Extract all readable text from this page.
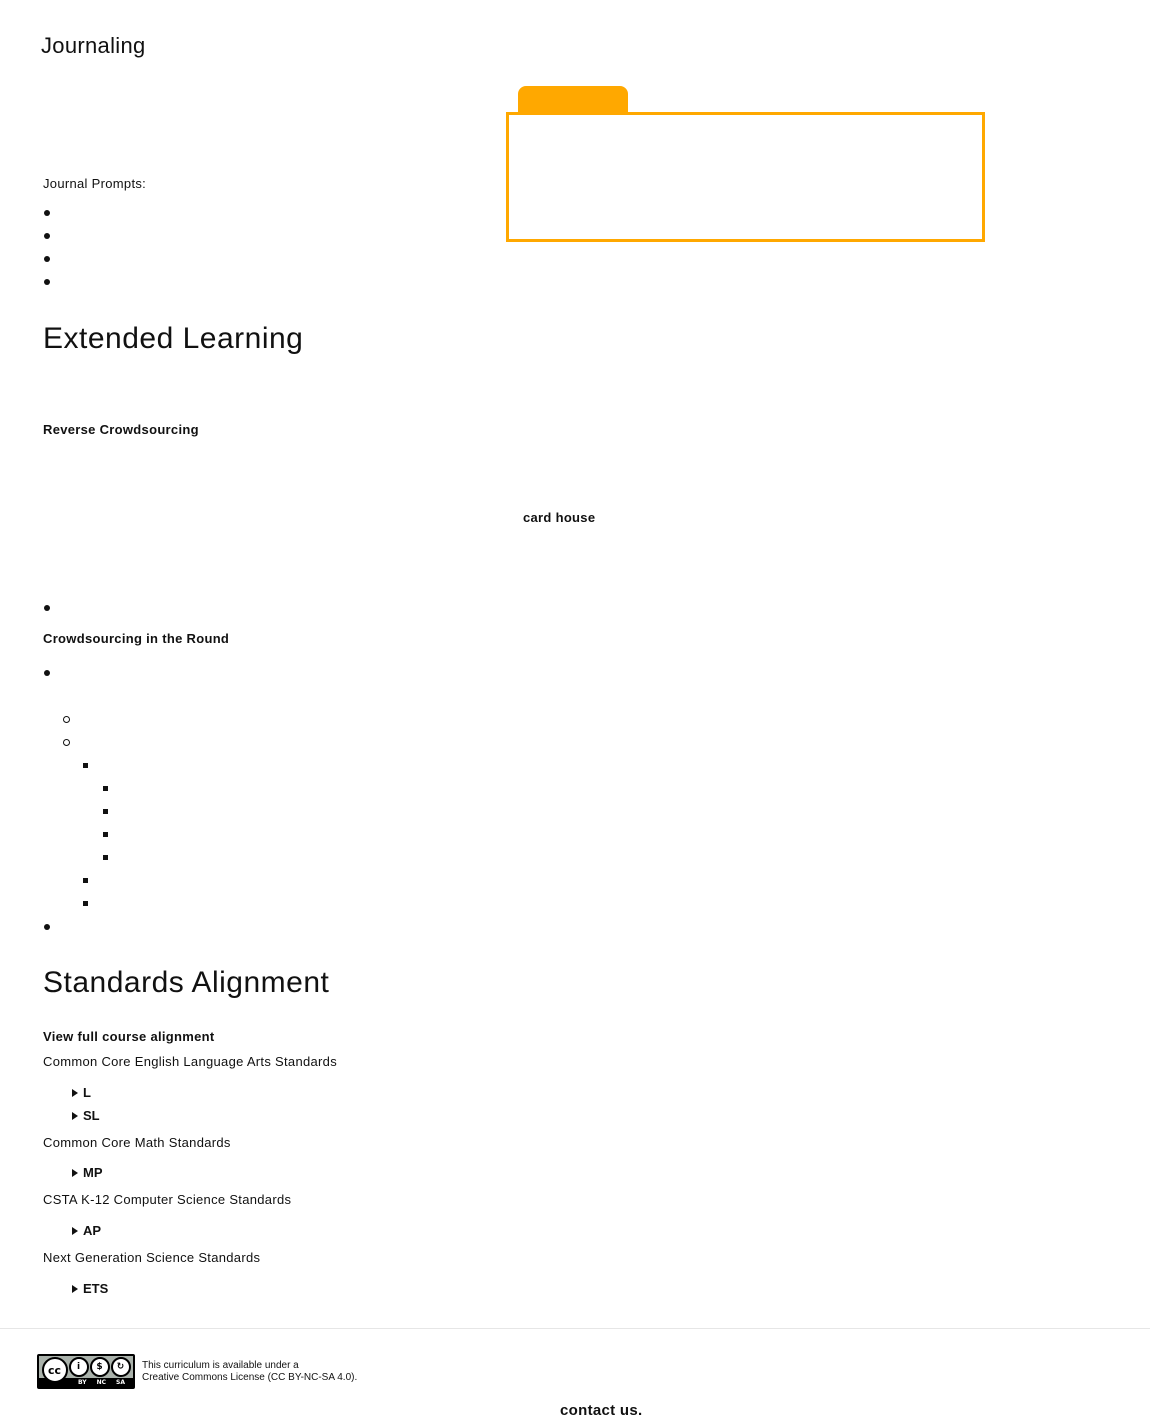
Journaling
Journal Prompts:
Extended Learning
Reverse Crowdsourcing
card house
Crowdsourcing in the Round
Standards Alignment
View full course alignment
Common Core English Language Arts Standards
L
SL
Common Core Math Standards
MP
CSTA K-12 Computer Science Standards
AP
Next Generation Science Standards
ETS
cc	i	$	↻
BY NC SA
This curriculum is available under a
Creative Commons License (CC BY-NC-SA 4.0).
contact us.
